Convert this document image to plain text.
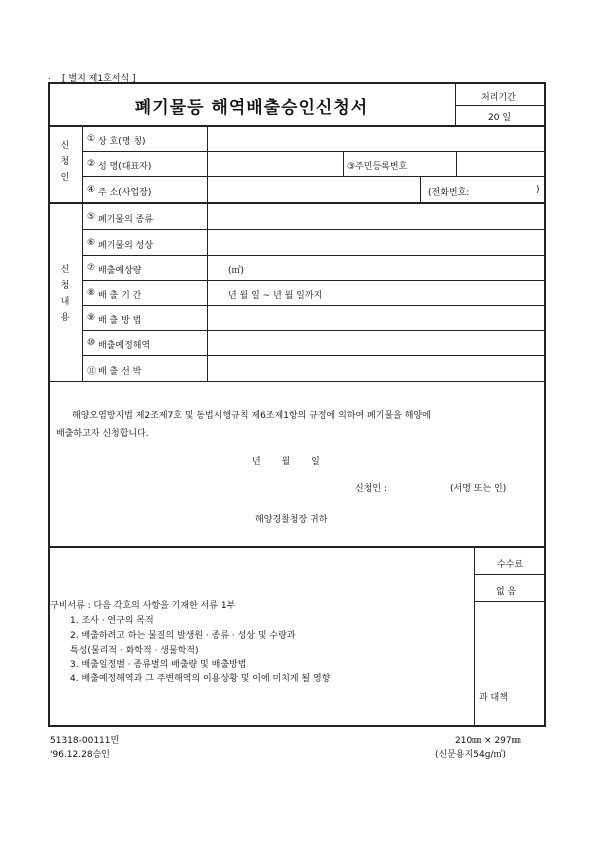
. [ 별지 제1호서식 ]
폐기물등 해역배출승인신청서	처리기간
20 일
신
청
인
① 상 호(명 칭)
② 성 명(대표자)	③주민등록번호
④ 주 소(사업장)	(전화번호:	)
신
청
내
용
⑤ 폐기물의 종류
⑥ 폐기물의 성상
⑦ 배출예상량	(㎥)
⑧ 배 출 기 간	년 월 일 ~ 년 월 일까지
⑨ 배 출 방 법
⑩ 배출예정해역
⑪ 배 출 선 박
해양오염방지법 제2조제7호 및 동법시행규칙 제6조제1항의 규정에 의하여 폐기물을 해양에
배출하고자 신청합니다.
년 월 일
신청인 :	(서명 또는 인)
해양경찰청장 귀하
수수료
없 음
구비서류 : 다음 각호의 사항을 기재한 서류 1부
1. 조사 · 연구의 목적
2. 배출하려고 하는 물질의 발생원 · 종류 · 성상 및 수량과
특성(물리적 · 화학적 · 생물학적)
3. 배출일정별 · 종류별의 배출량 및 배출방법
4. 배출예정해역과 그 주변해역의 이용상황 및 이에 미치게 될 영향
과 대책
51318-00111민
'96.12.28승인
210㎜ × 297㎜
(신문용지54g/㎡)
